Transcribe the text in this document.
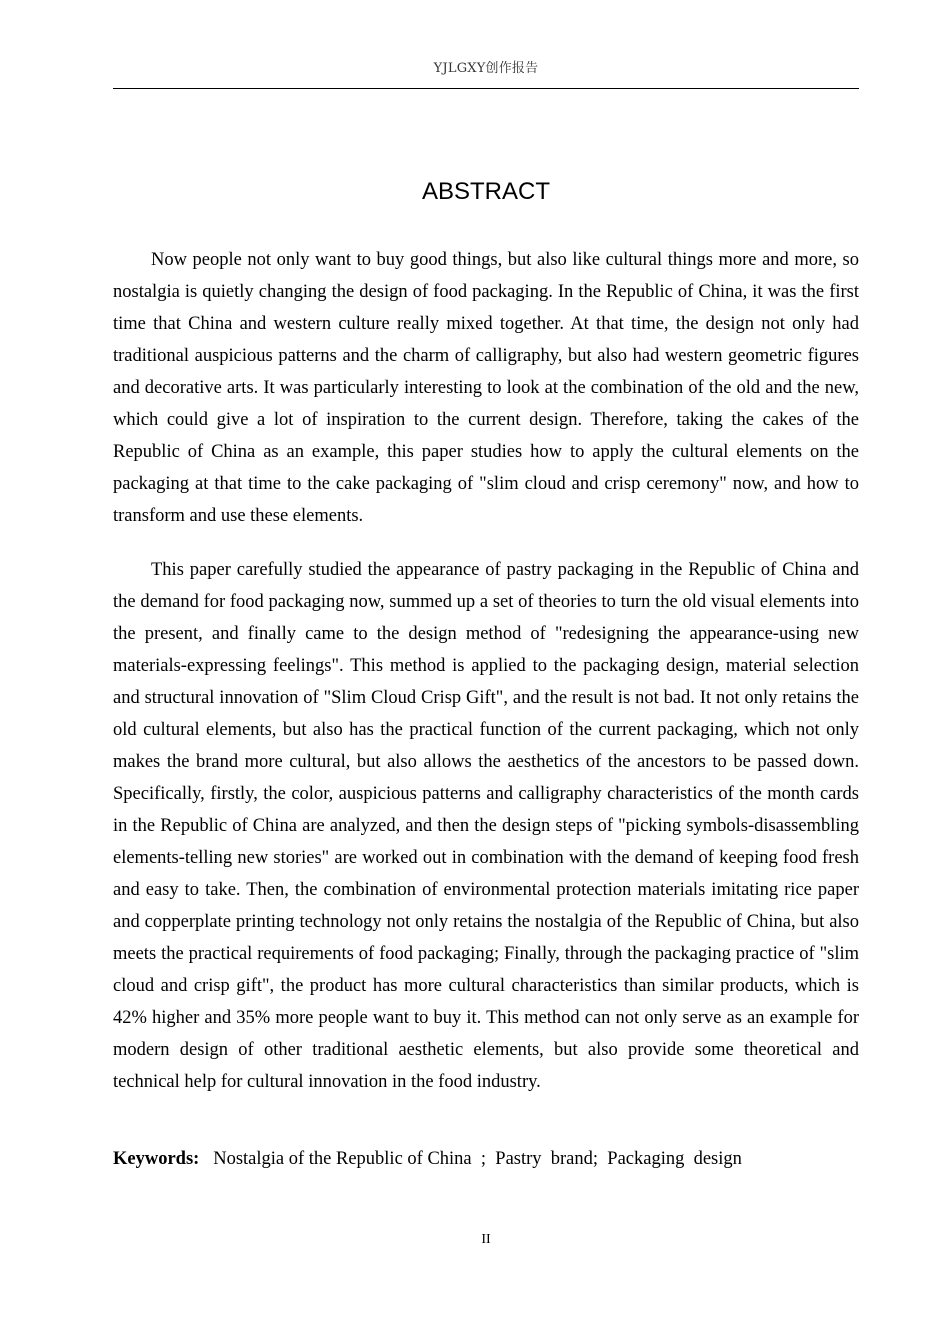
YJLGXY创作报告
ABSTRACT

Now people not only want to buy good things, but also like cultural things more and more, so nostalgia is quietly changing the design of food packaging. In the Republic of China, it was the first time that China and western culture really mixed together. At that time, the design not only had traditional auspicious patterns and the charm of calligraphy, but also had western geometric figures and decorative arts. It was particularly interesting to look at the combination of the old and the new, which could give a lot of inspiration to the current design. Therefore, taking the cakes of the Republic of China as an example, this paper studies how to apply the cultural elements on the packaging at that time to the cake packaging of "slim cloud and crisp ceremony" now, and how to transform and use these elements.

This paper carefully studied the appearance of pastry packaging in the Republic of China and the demand for food packaging now, summed up a set of theories to turn the old visual elements into the present, and finally came to the design method of "redesigning the appearance-using new materials-expressing feelings". This method is applied to the packaging design, material selection and structural innovation of "Slim Cloud Crisp Gift", and the result is not bad. It not only retains the old cultural elements, but also has the practical function of the current packaging, which not only makes the brand more cultural, but also allows the aesthetics of the ancestors to be passed down. Specifically, firstly, the color, auspicious patterns and calligraphy characteristics of the month cards in the Republic of China are analyzed, and then the design steps of "picking symbols-disassembling elements-telling new stories" are worked out in combination with the demand of keeping food fresh and easy to take. Then, the combination of environmental protection materials imitating rice paper and copperplate printing technology not only retains the nostalgia of the Republic of China, but also meets the practical requirements of food packaging; Finally, through the packaging practice of "slim cloud and crisp gift", the product has more cultural characteristics than similar products, which is 42% higher and 35% more people want to buy it. This method can not only serve as an example for modern design of other traditional aesthetic elements, but also provide some theoretical and technical help for cultural innovation in the food industry.

Keywords:   Nostalgia of the Republic of China  ;  Pastry  brand;  Packaging  design
II
